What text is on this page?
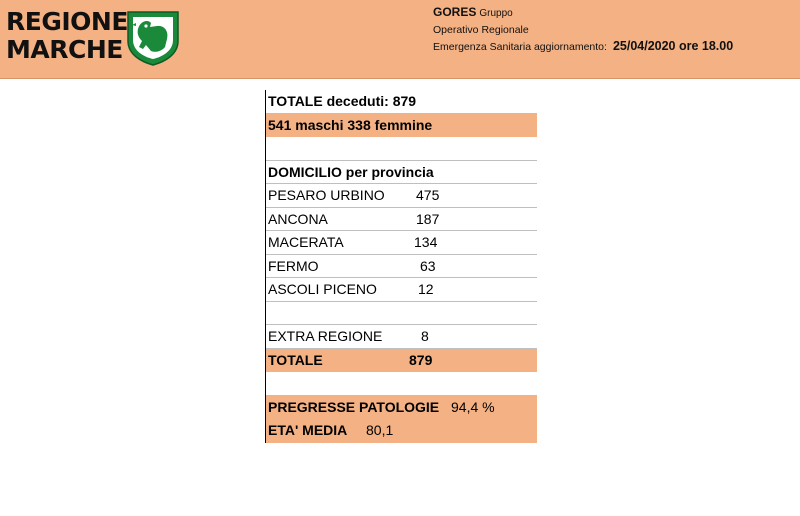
REGIONE
MARCHE
GORES Gruppo
Operativo Regionale
Emergenza Sanitaria aggiornamento: 25/04/2020 ore 18.00
TOTALE deceduti: 879
541 maschi 338 femmine
DOMICILIO per provincia
PESARO URBINO 475
ANCONA	187
MACERATA	134
FERMO	63
ASCOLI PICENO	12
EXTRA REGIONE	8
TOTALE	879
PREGRESSE PATOLOGIE 94,4 %
ETA' MEDIA 80,1
